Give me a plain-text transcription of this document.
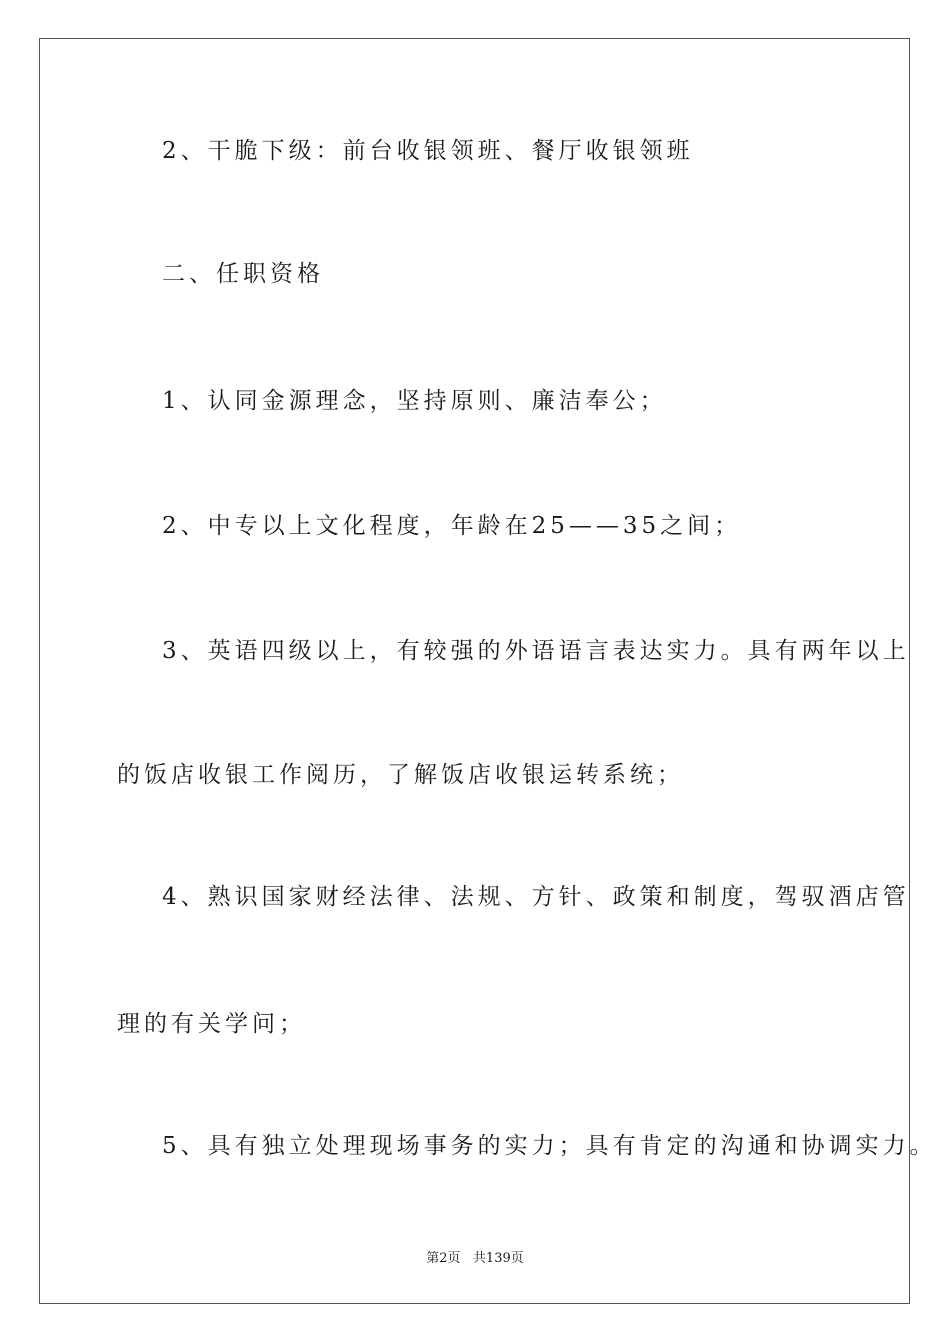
2、干脆下级：前台收银领班、餐厅收银领班
二、任职资格
1、认同金源理念，坚持原则、廉洁奉公；
2、中专以上文化程度，年龄在25——35之间；
3、英语四级以上，有较强的外语语言表达实力。具有两年以上
的饭店收银工作阅历，了解饭店收银运转系统；
4、熟识国家财经法律、法规、方针、政策和制度，驾驭酒店管
理的有关学问；
5、具有独立处理现场事务的实力；具有肯定的沟通和协调实力。
第2页 共139页
